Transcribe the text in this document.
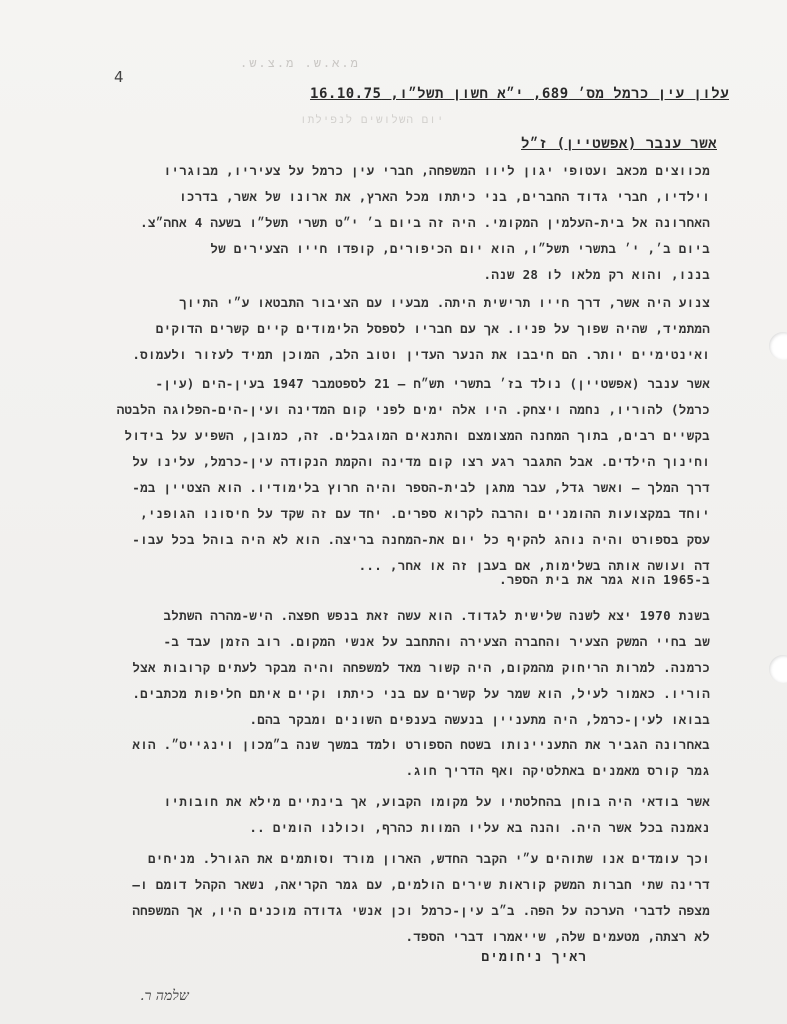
4
מ.א.ש. מ.צ.ש.
עלון עין כרמל מס׳ 689, י״א חשון תשל״ו, 16.10.75
יום השלושים לנפילתו
אשר ענבר (אפשטיין) ז״ל
מכווצים מכאב ועטופי יגון ליוו המשפחה, חברי עין כרמל על צעיריו, מבוגריו
וילדיו, חברי גדוד החברים, בני כיתתו מכל הארץ, את ארונו של אשר, בדרכו
האחרונה אל בית-העלמין המקומי. היה זה ביום ב׳ י״ט תשרי תשל״ו בשעה 4 אחה״צ.
ביום ב׳, י׳ בתשרי תשל״ו, הוא יום הכיפורים, קופדו חייו הצעירים של
בננו, והוא רק מלאו לו 28 שנה.
צנוע היה אשר, דרך חייו תרישית היתה. מבעיו עם הציבור התבטאו ע״י התיוך
המתמיד, שהיה שפוך על פניו. אך עם חבריו לספסל הלימודים קיים קשרים הדוקים
ואינטימיים יותר. הם חיבבו את הנער העדין וטוב הלב, המוכן תמיד לעזור ולעמוס.
אשר ענבר (אפשטיין) נולד בז׳ בתשרי תש״ח – 21 לספטמבר 1947 בעין-הים (עין-
כרמל) להוריו, נחמה ויצחק. היו אלה ימים לפני קום המדינה ועין-הים-הפלוגה הלבטה
בקשיים רבים, בתוך המחנה המצומצם והתנאים המוגבלים. זה, כמובן, השפיע על בידול
וחינוך הילדים. אבל התגבר רגע רצו קום מדינה והקמת הנקודה עין-כרמל, עלינו על
דרך המלך – ואשר גדל, עבר מתגן לבית-הספר והיה חרוץ בלימודיו. הוא הצטיין במ-
יוחד במקצועות ההומניים והרבה לקרוא ספרים. יחד עם זה שקד על חיסונו הגופני,
עסק בספורט והיה נוהג להקיף כל יום את-המחנה בריצה. הוא לא היה בוהל בכל עבו-
דה ועושה אותה בשלימות, אם בעבן זה או אחר, ...
ב-1965 הוא גמר את בית הספר.
בשנת 1970 יצא לשנה שלישית לגדוד. הוא עשה זאת בנפש חפצה. היש-מהרה השתלב
שב בחיי המשק הצעיר והחברה הצעירה והתחבב על אנשי המקום. רוב הזמן עבד ב-
כרמנה. למרות הריחוק מהמקום, היה קשור מאד למשפחה והיה מבקר לעתים קרובות אצל
הוריו. כאמור לעיל, הוא שמר על קשרים עם בני כיתתו וקיים איתם חליפות מכתבים.
בבואו לעין-כרמל, היה מתעניין בנעשה בענפים השונים ומבקר בהם.
באחרונה הגביר את התעניינותו בשטח הספורט ולמד במשך שנה ב״מכון וינגייט״. הוא
גמר קורס מאמנים באתלטיקה ואף הדריך חוג.
אשר בודאי היה בוחן בהחלטתיו על מקומו הקבוע, אך בינתיים מילא את חובותיו
נאמנה בכל אשר היה. והנה בא עליו המוות כהרף, וכולנו הומים ..
וכך עומדים אנו שתוהים ע״י הקבר החדש, הארון מורד וסותמים את הגורל. מניחים
דרינה שתי חברות המשק קוראות שירים הולמים, עם גמר הקריאה, נשאר הקהל דומם ו–
מצפה לדברי הערכה על הפה. ב״ב עין-כרמל וכן אנשי גדודה מוכנים היו, אך המשפחה
לא רצתה, מטעמים שלה, שייאמרו דברי הספד.
ראיך ניחומים
שלמה ר.
